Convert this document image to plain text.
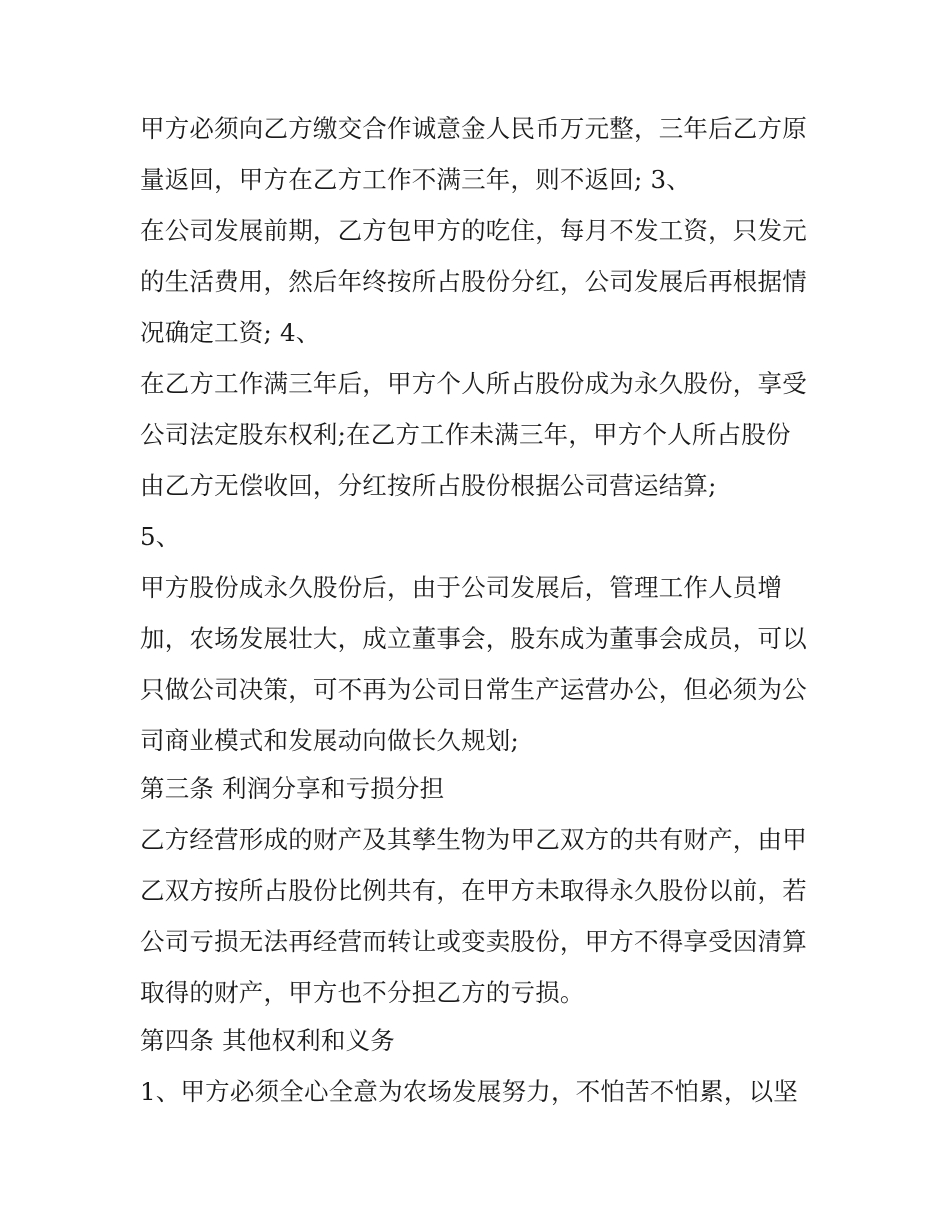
甲方必须向乙方缴交合作诚意金人民币万元整，三年后乙方原
量返回，甲方在乙方工作不满三年，则不返回; 3、
在公司发展前期，乙方包甲方的吃住，每月不发工资，只发元
的生活费用，然后年终按所占股份分红，公司发展后再根据情
况确定工资; 4、
在乙方工作满三年后，甲方个人所占股份成为永久股份，享受
公司法定股东权利;在乙方工作未满三年，甲方个人所占股份
由乙方无偿收回，分红按所占股份根据公司营运结算;
5、
甲方股份成永久股份后，由于公司发展后，管理工作人员增
加，农场发展壮大，成立董事会，股东成为董事会成员，可以
只做公司决策，可不再为公司日常生产运营办公，但必须为公
司商业模式和发展动向做长久规划;
第三条 利润分享和亏损分担
乙方经营形成的财产及其孳生物为甲乙双方的共有财产，由甲
乙双方按所占股份比例共有，在甲方未取得永久股份以前，若
公司亏损无法再经营而转让或变卖股份，甲方不得享受因清算
取得的财产，甲方也不分担乙方的亏损。
第四条 其他权利和义务
1、甲方必须全心全意为农场发展努力，不怕苦不怕累，以坚
